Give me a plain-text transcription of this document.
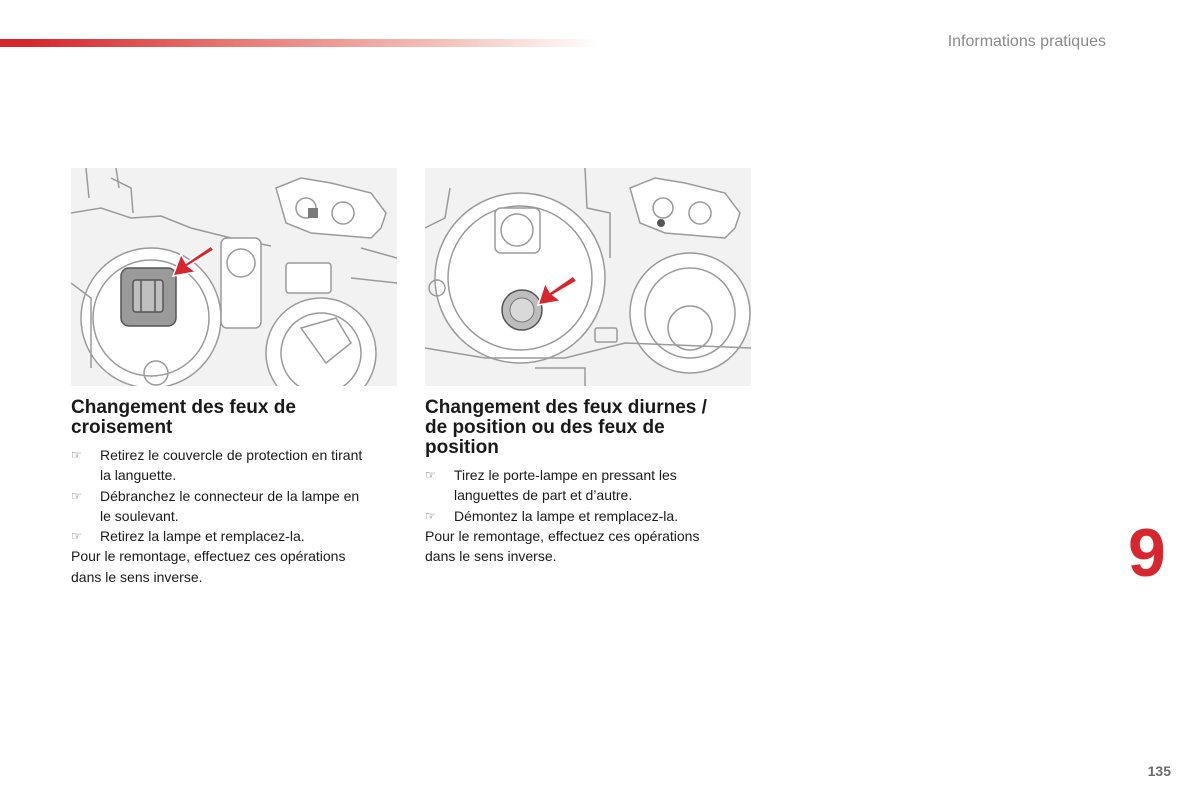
Informations pratiques
Changement des feux de
croisement
☞ Retirez le couvercle de protection en tirant
la languette.
☞ Débranchez le connecteur de la lampe en
le soulevant.
☞ Retirez la lampe et remplacez-la.

Pour le remontage, effectuez ces opérations
dans le sens inverse.

Changement des feux diurnes /
de position ou des feux de
position
☞ Tirez le porte-lampe en pressant les
languettes de part et d’autre.
☞ Démontez la lampe et remplacez-la.

Pour le remontage, effectuez ces opérations
dans le sens inverse.	9
135
